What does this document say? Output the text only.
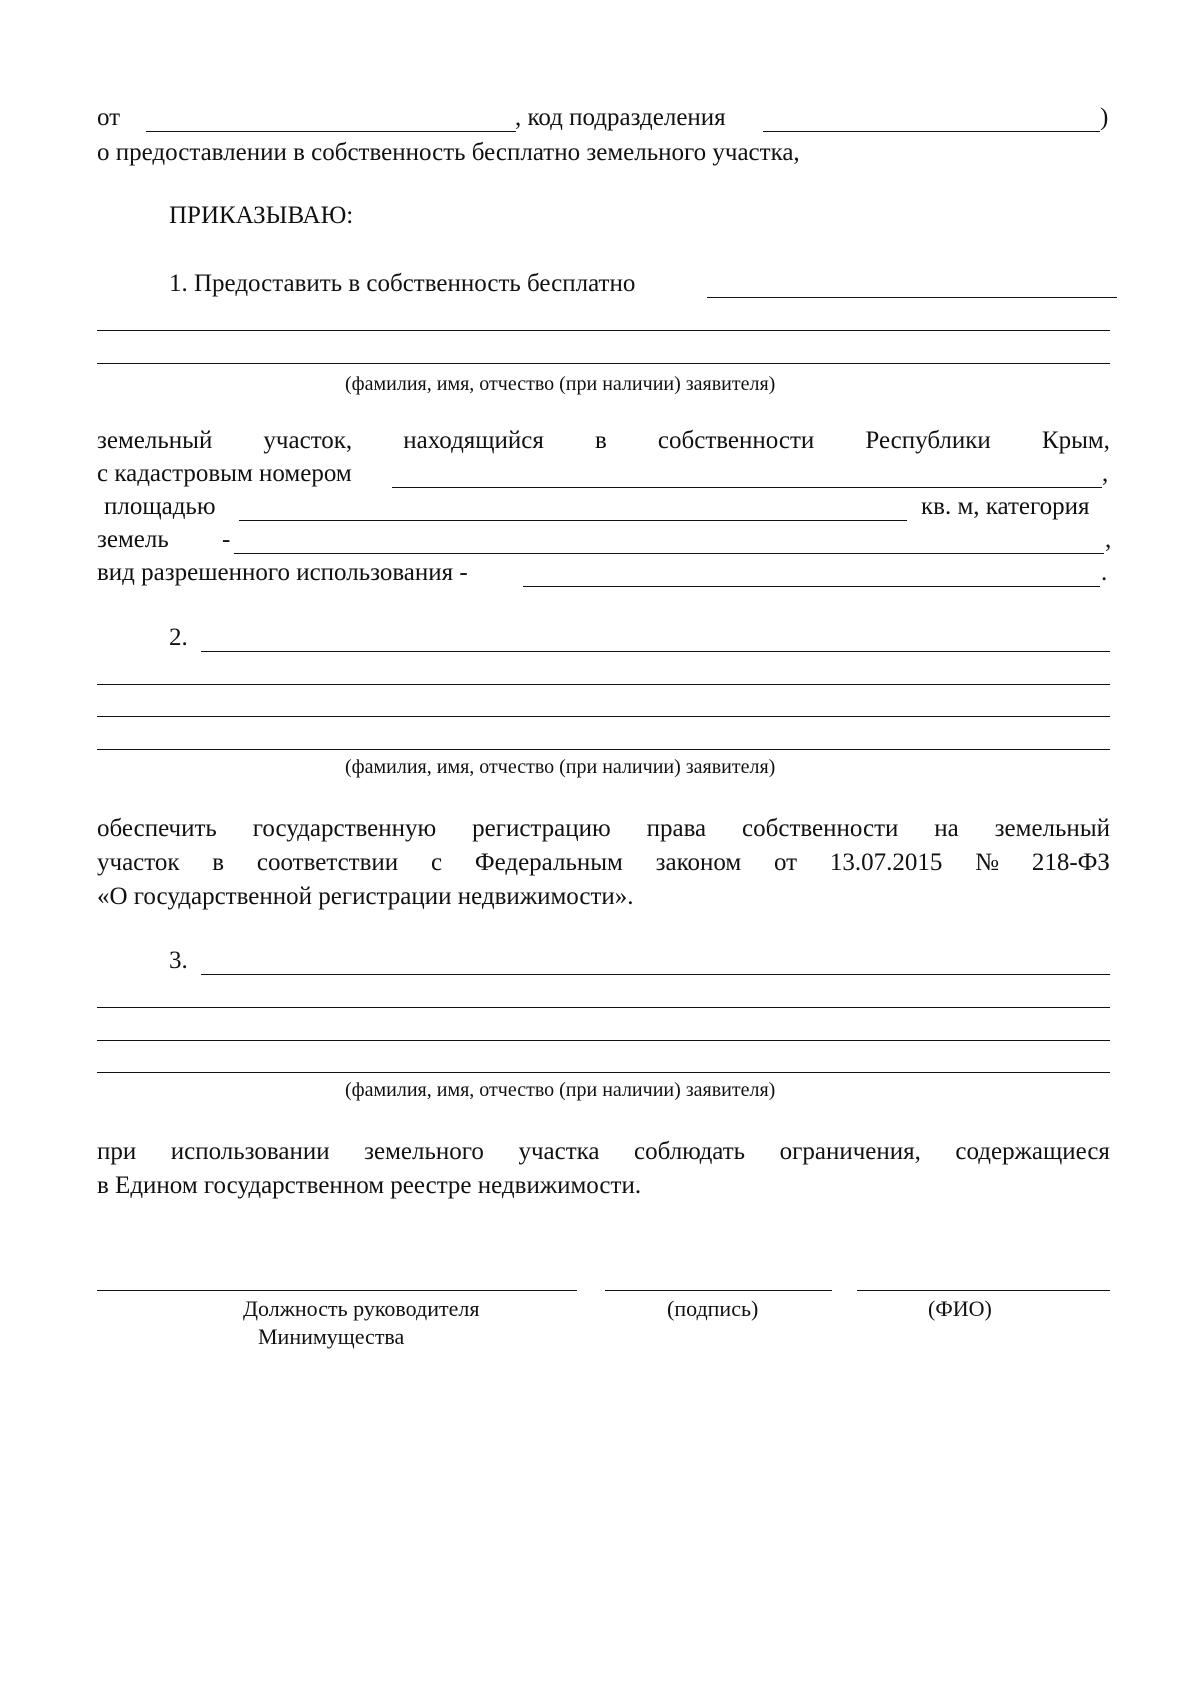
от	, код подразделения	)
о предоставлении в собственность бесплатно земельного участка,
ПРИКАЗЫВАЮ:
1. Предоставить в собственность бесплатно
(фамилия, имя, отчество (при наличии) заявителя)
земельный участок, находящийся в собственности Республики Крым,
с кадастровым номером	,
площадью	кв. м, категория
земель -	,
вид разрешенного использования -	.
2.
(фамилия, имя, отчество (при наличии) заявителя)
обеспечить государственную регистрацию права собственности на земельный
участок в соответствии с Федеральным законом от 13.07.2015 № 218-ФЗ
«О государственной регистрации недвижимости».
3.
(фамилия, имя, отчество (при наличии) заявителя)
при использовании земельного участка соблюдать ограничения, содержащиеся
в Едином государственном реестре недвижимости.
Должность руководителя
Минимущества
(подпись)	(ФИО)
